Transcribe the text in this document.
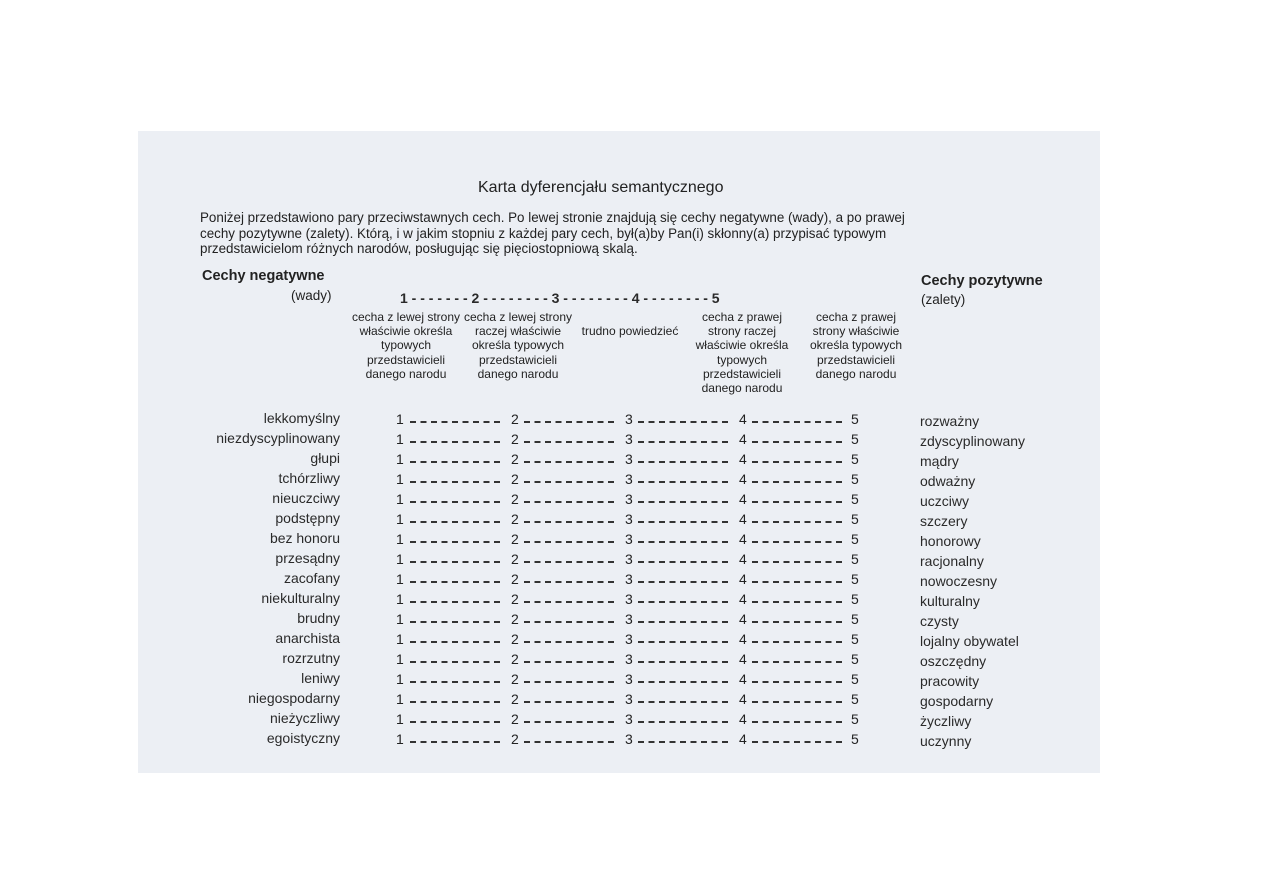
Karta dyferencjału semantycznego
Poniżej przedstawiono pary przeciwstawnych cech. Po lewej stronie znajdują się cechy negatywne (wady), a po prawej
cechy pozytywne (zalety). Którą, i w jakim stopniu z każdej pary cech, był(a)by Pan(i) skłonny(a) przypisać typowym
przedstawicielom różnych narodów, posługując się pięciostopniową skalą.
Cechy negatywne
(wady)
Cechy pozytywne
(zalety)
1 - - - - - - - 2 - - - - - - - - 3 - - - - - - - - 4 - - - - - - - - 5
cecha z lewej strony właściwie określa typowych przedstawicieli danego narodu
cecha z lewej strony raczej właściwie określa typowych przedstawicieli danego narodu
trudno powiedzieć
cecha z prawej strony raczej właściwie określa typowych przedstawicieli danego narodu
cecha z prawej strony właściwie określa typowych przedstawicieli danego narodu
lekkomyślny	1	2	3	4	5	rozważny
niezdyscyplinowany	1	2	3	4	5	zdyscyplinowany
głupi	1	2	3	4	5	mądry
tchórzliwy	1	2	3	4	5	odważny
nieuczciwy	1	2	3	4	5	uczciwy
podstępny	1	2	3	4	5	szczery
bez honoru	1	2	3	4	5	honorowy
przesądny	1	2	3	4	5	racjonalny
zacofany	1	2	3	4	5	nowoczesny
niekulturalny	1	2	3	4	5	kulturalny
brudny	1	2	3	4	5	czysty
anarchista	1	2	3	4	5	lojalny obywatel
rozrzutny	1	2	3	4	5	oszczędny
leniwy	1	2	3	4	5	pracowity
niegospodarny	1	2	3	4	5	gospodarny
nieżyczliwy	1	2	3	4	5	życzliwy
egoistyczny	1	2	3	4	5	uczynny
